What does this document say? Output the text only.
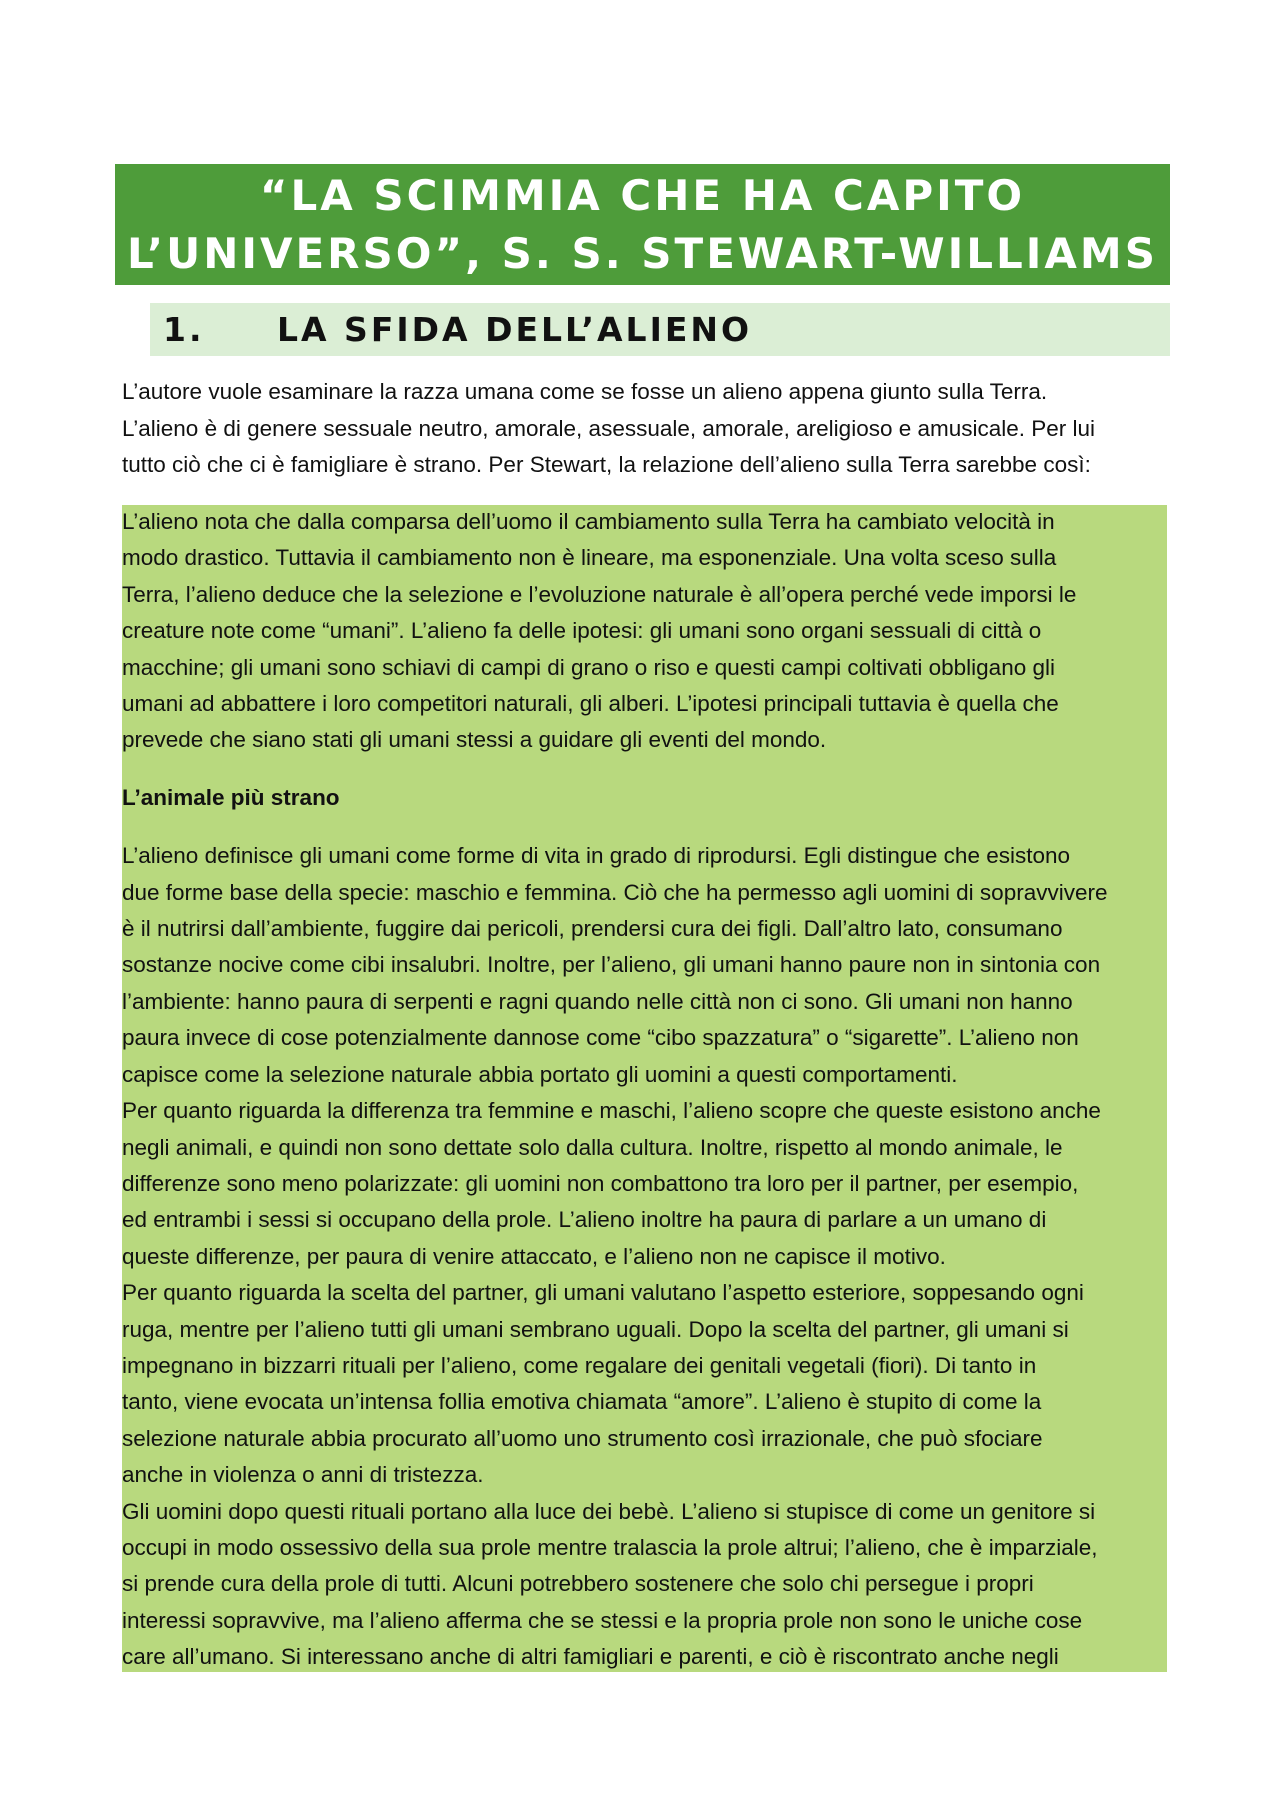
“LA SCIMMIA CHE HA CAPITO
L’UNIVERSO”, S. S. STEWART-WILLIAMS
1. LA SFIDA DELL’ALIENO

L’autore vuole esaminare la razza umana come se fosse un alieno appena giunto sulla Terra.

L’alieno è di genere sessuale neutro, amorale, asessuale, amorale, areligioso e amusicale. Per lui

tutto ciò che ci è famigliare è strano. Per Stewart, la relazione dell’alieno sulla Terra sarebbe così:

L’alieno nota che dalla comparsa dell’uomo il cambiamento sulla Terra ha cambiato velocità in
modo drastico. Tuttavia il cambiamento non è lineare, ma esponenziale. Una volta sceso sulla
Terra, l’alieno deduce che la selezione e l’evoluzione naturale è all’opera perché vede imporsi le
creature note come “umani”. L’alieno fa delle ipotesi: gli umani sono organi sessuali di città o
macchine; gli umani sono schiavi di campi di grano o riso e questi campi coltivati obbligano gli
umani ad abbattere i loro competitori naturali, gli alberi. L’ipotesi principali tuttavia è quella che
prevede che siano stati gli umani stessi a guidare gli eventi del mondo.
L’animale più strano
L’alieno definisce gli umani come forme di vita in grado di riprodursi. Egli distingue che esistono
due forme base della specie: maschio e femmina. Ciò che ha permesso agli uomini di sopravvivere
è il nutrirsi dall’ambiente, fuggire dai pericoli, prendersi cura dei figli. Dall’altro lato, consumano
sostanze nocive come cibi insalubri. Inoltre, per l’alieno, gli umani hanno paure non in sintonia con
l’ambiente: hanno paura di serpenti e ragni quando nelle città non ci sono. Gli umani non hanno
paura invece di cose potenzialmente dannose come “cibo spazzatura” o “sigarette”. L’alieno non
capisce come la selezione naturale abbia portato gli uomini a questi comportamenti.
Per quanto riguarda la differenza tra femmine e maschi, l’alieno scopre che queste esistono anche
negli animali, e quindi non sono dettate solo dalla cultura. Inoltre, rispetto al mondo animale, le
differenze sono meno polarizzate: gli uomini non combattono tra loro per il partner, per esempio,
ed entrambi i sessi si occupano della prole. L’alieno inoltre ha paura di parlare a un umano di
queste differenze, per paura di venire attaccato, e l’alieno non ne capisce il motivo.
Per quanto riguarda la scelta del partner, gli umani valutano l’aspetto esteriore, soppesando ogni
ruga, mentre per l’alieno tutti gli umani sembrano uguali. Dopo la scelta del partner, gli umani si
impegnano in bizzarri rituali per l’alieno, come regalare dei genitali vegetali (fiori). Di tanto in
tanto, viene evocata un’intensa follia emotiva chiamata “amore”. L’alieno è stupito di come la
selezione naturale abbia procurato all’uomo uno strumento così irrazionale, che può sfociare
anche in violenza o anni di tristezza.
Gli uomini dopo questi rituali portano alla luce dei bebè. L’alieno si stupisce di come un genitore si
occupi in modo ossessivo della sua prole mentre tralascia la prole altrui; l’alieno, che è imparziale,
si prende cura della prole di tutti. Alcuni potrebbero sostenere che solo chi persegue i propri
interessi sopravvive, ma l’alieno afferma che se stessi e la propria prole non sono le uniche cose
care all’umano. Si interessano anche di altri famigliari e parenti, e ciò è riscontrato anche negli
